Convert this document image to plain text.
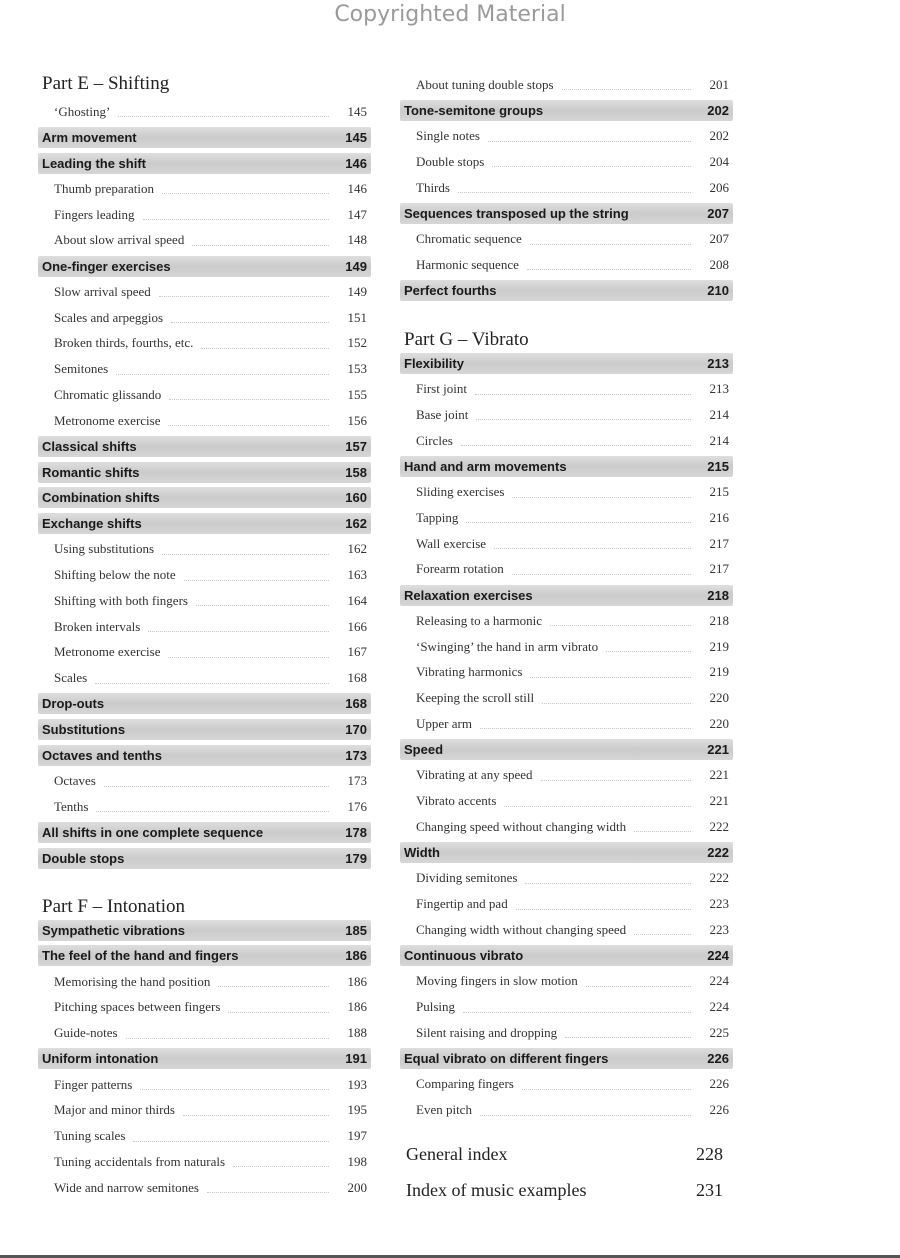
Copyrighted Material
Part E – Shifting
Part F – Intonation
‘Ghosting’	145
Arm movement	145
Leading the shift	146
Thumb preparation	146
Fingers leading	147
About slow arrival speed	148
One-finger exercises	149
Slow arrival speed	149
Scales and arpeggios	151
Broken thirds, fourths, etc.	152
Semitones	153
Chromatic glissando	155
Metronome exercise	156
Classical shifts	157
Romantic shifts	158
Combination shifts	160
Exchange shifts	162
Using substitutions	162
Shifting below the note	163
Shifting with both fingers	164
Broken intervals	166
Metronome exercise	167
Scales	168
Drop-outs	168
Substitutions	170
Octaves and tenths	173
Octaves	173
Tenths	176
All shifts in one complete sequence	178
Double stops	179
Sympathetic vibrations	185
The feel of the hand and fingers	186
Memorising the hand position	186
Pitching spaces between fingers	186
Guide-notes	188
Uniform intonation	191
Finger patterns	193
Major and minor thirds	195
Tuning scales	197
Tuning accidentals from naturals	198
Wide and narrow semitones	200
Part G – Vibrato
About tuning double stops	201
Tone-semitone groups	202
Single notes	202
Double stops	204
Thirds	206
Sequences transposed up the string	207
Chromatic sequence	207
Harmonic sequence	208
Perfect fourths	210
Flexibility	213
First joint	213
Base joint	214
Circles	214
Hand and arm movements	215
Sliding exercises	215
Tapping	216
Wall exercise	217
Forearm rotation	217
Relaxation exercises	218
Releasing to a harmonic	218
‘Swinging’ the hand in arm vibrato	219
Vibrating harmonics	219
Keeping the scroll still	220
Upper arm	220
Speed	221
Vibrating at any speed	221
Vibrato accents	221
Changing speed without changing width	222
Width	222
Dividing semitones	222
Fingertip and pad	223
Changing width without changing speed	223
Continuous vibrato	224
Moving fingers in slow motion	224
Pulsing	224
Silent raising and dropping	225
Equal vibrato on different fingers	226
Comparing fingers	226
Even pitch	226
General index	228
Index of music examples	231
